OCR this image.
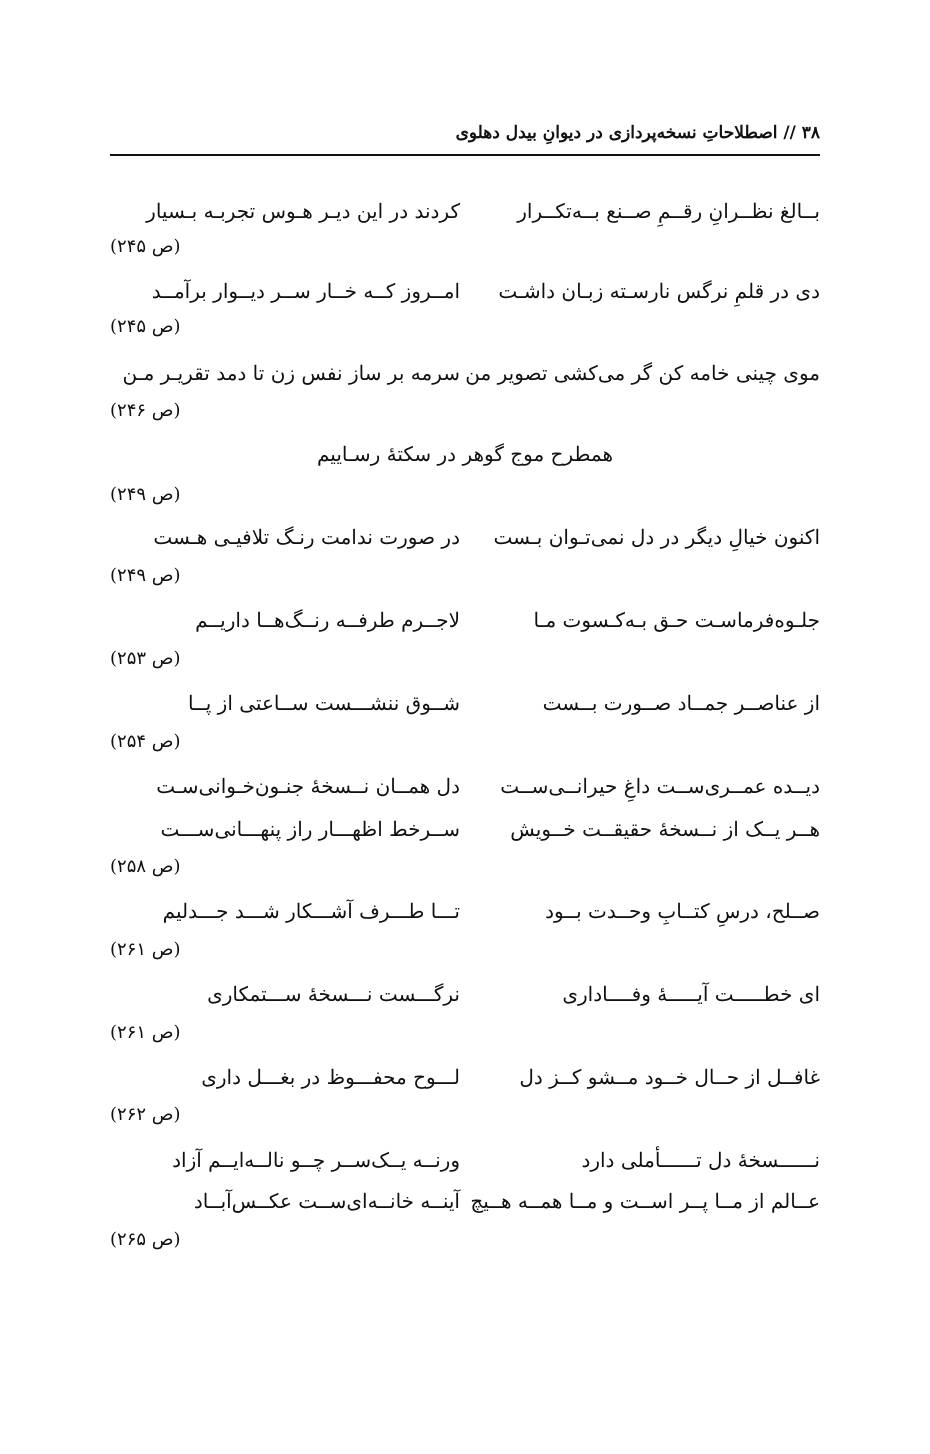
۳۸ // اصطلاحاتِ نسخه‌پردازی در دیوانِ بیدل دهلوی
بــالغ نظــرانِ رقــمِ صــنع بــه‌تکــرار
کردند در این دیـر هـوس تجربـه بـسیار
(ص ۲۴۵)
دی در قلمِ نرگس نارسـته زبـان داشـت
امــروز کــه خــار ســر دیــوار برآمــد
(ص ۲۴۵)
موی چینی خامه کن گر می‌کشی تصویر من
سرمه بر ساز نفس زن تا دمد تقریـر مـن
(ص ۲۴۶)
همطرح موج گوهر در سکتهٔ رسـاییم
(ص ۲۴۹)
اکنون خیالِ دیگر در دل نمی‌تـوان بـست
در صورت ندامت رنـگ تلافیـی هـست
(ص ۲۴۹)
جلـوه‌فرماسـت حـق بـه‌کـسوت مـا
لاجــرم طرفــه رنــگ‌هــا داریــم
(ص ۲۵۳)
از عناصــر جمــاد صــورت بــست
شــوق ننشـــست ســاعتی از پــا
(ص ۲۵۴)
دیــده عمــری‌ســت داغِ حیرانــی‌ســت
دل همــان نــسخهٔ جنـون‌خـوانی‌سـت
هــر یــک از نــسخهٔ حقیقــت خــویش
ســرخط اظهـــار راز پنهـــانی‌ســـت
(ص ۲۵۸)
صــلح، درسِ کتــابِ وحــدت بــود
تـــا طـــرف آشـــکار شـــد جـــدلیم
(ص ۲۶۱)
ای خطـــــت آیـــــهٔ وفــــاداری
نرگـــست نـــسخهٔ ســـتمکاری
(ص ۲۶۱)
غافــل از حــال خــود مــشو کــز دل
لـــوح محفـــوظ در بغـــل داری
(ص ۲۶۲)
نــــــسخهٔ دل تــــــأملی دارد
ورنــه یــک‌ســر چــو نالــه‌ایــم آزاد
عــالم از مــا پــر اســت و مــا همــه هــیچ
آینــه خانــه‌ای‌ســت عکــس‌آبــاد
(ص ۲۶۵)
